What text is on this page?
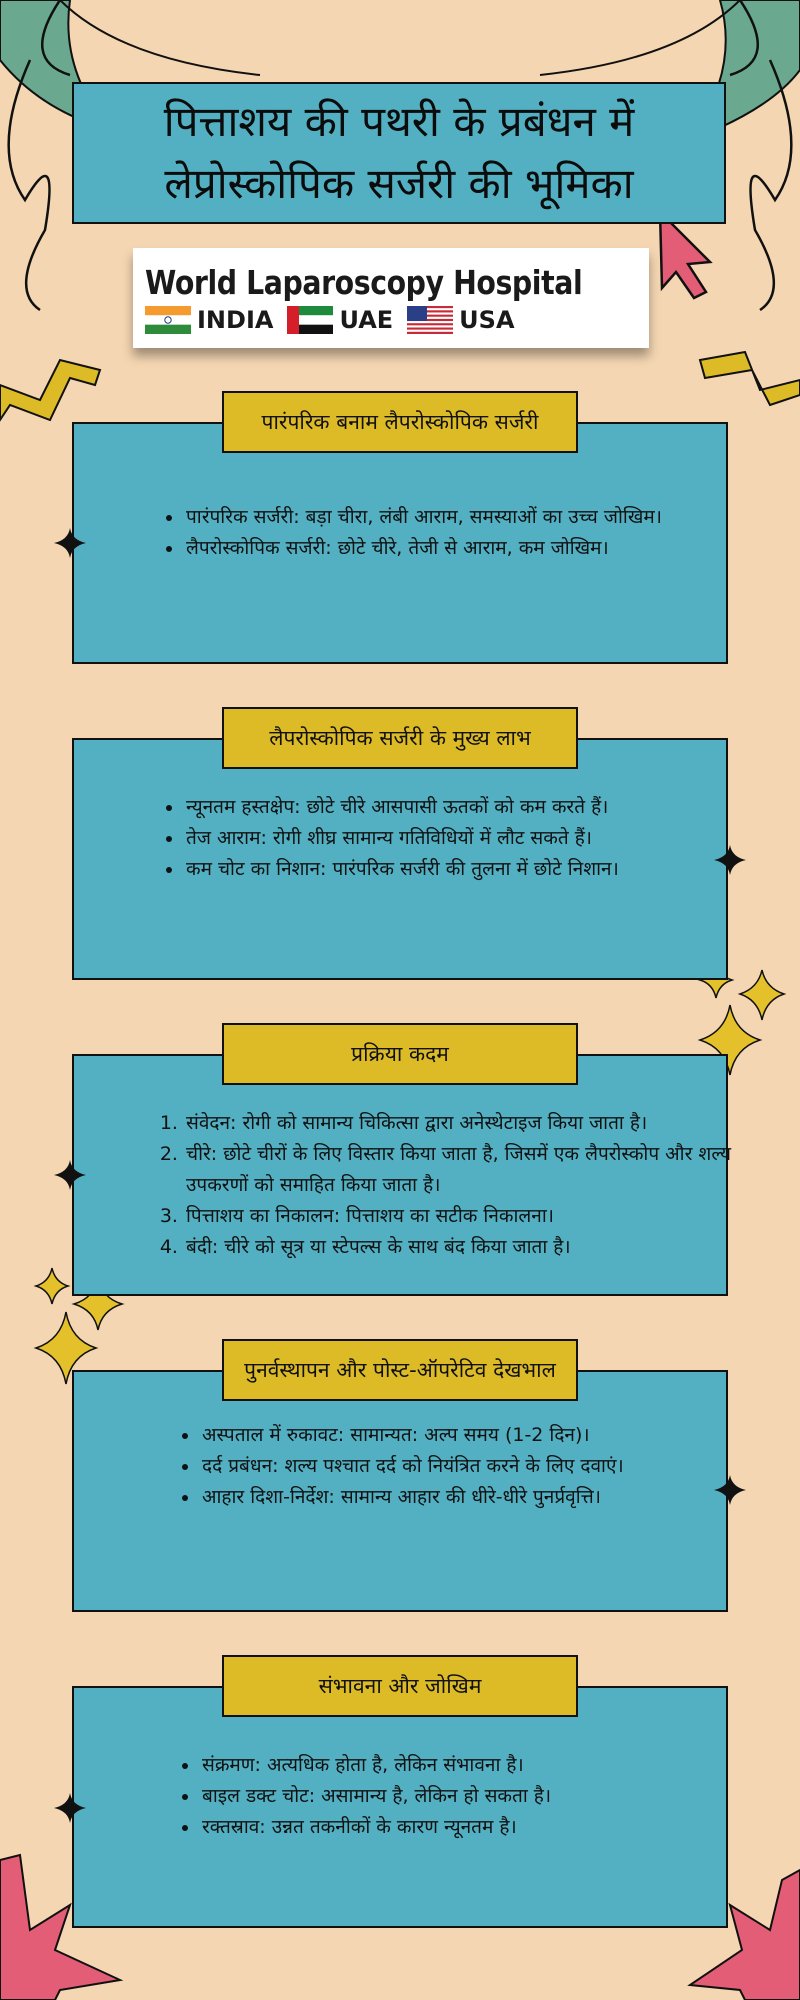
पित्ताशय की पथरी के प्रबंधन में
लेप्रोस्कोपिक सर्जरी की भूमिका
World Laparoscopy Hospital
INDIA	UAE	USA
• पारंपरिक सर्जरी: बड़ा चीरा, लंबी आराम, समस्याओं का उच्च जोखिम।
• लैपरोस्कोपिक सर्जरी: छोटे चीरे, तेजी से आराम, कम जोखिम।
पारंपरिक बनाम लैपरोस्कोपिक सर्जरी
• न्यूनतम हस्तक्षेप: छोटे चीरे आसपासी ऊतकों को कम करते हैं।
• तेज आराम: रोगी शीघ्र सामान्य गतिविधियों में लौट सकते हैं।
• कम चोट का निशान: पारंपरिक सर्जरी की तुलना में छोटे निशान।
लैपरोस्कोपिक सर्जरी के मुख्य लाभ
1. संवेदन: रोगी को सामान्य चिकित्सा द्वारा अनेस्थेटाइज किया जाता है।
2. चीरे: छोटे चीरों के लिए विस्तार किया जाता है, जिसमें एक लैपरोस्कोप और शल्य उपकरणों को समाहित किया जाता है।
3. पित्ताशय का निकालन: पित्ताशय का सटीक निकालना।
4. बंदी: चीरे को सूत्र या स्टेपल्स के साथ बंद किया जाता है।
प्रक्रिया कदम
• अस्पताल में रुकावट: सामान्यत: अल्प समय (1-2 दिन)।
• दर्द प्रबंधन: शल्य पश्चात दर्द को नियंत्रित करने के लिए दवाएं।
• आहार दिशा-निर्देश: सामान्य आहार की धीरे-धीरे पुनर्प्रवृत्ति।
पुनर्वस्थापन और पोस्ट-ऑपरेटिव देखभाल
• संक्रमण: अत्यधिक होता है, लेकिन संभावना है।
• बाइल डक्ट चोट: असामान्य है, लेकिन हो सकता है।
• रक्तस्राव: उन्नत तकनीकों के कारण न्यूनतम है।
संभावना और जोखिम
